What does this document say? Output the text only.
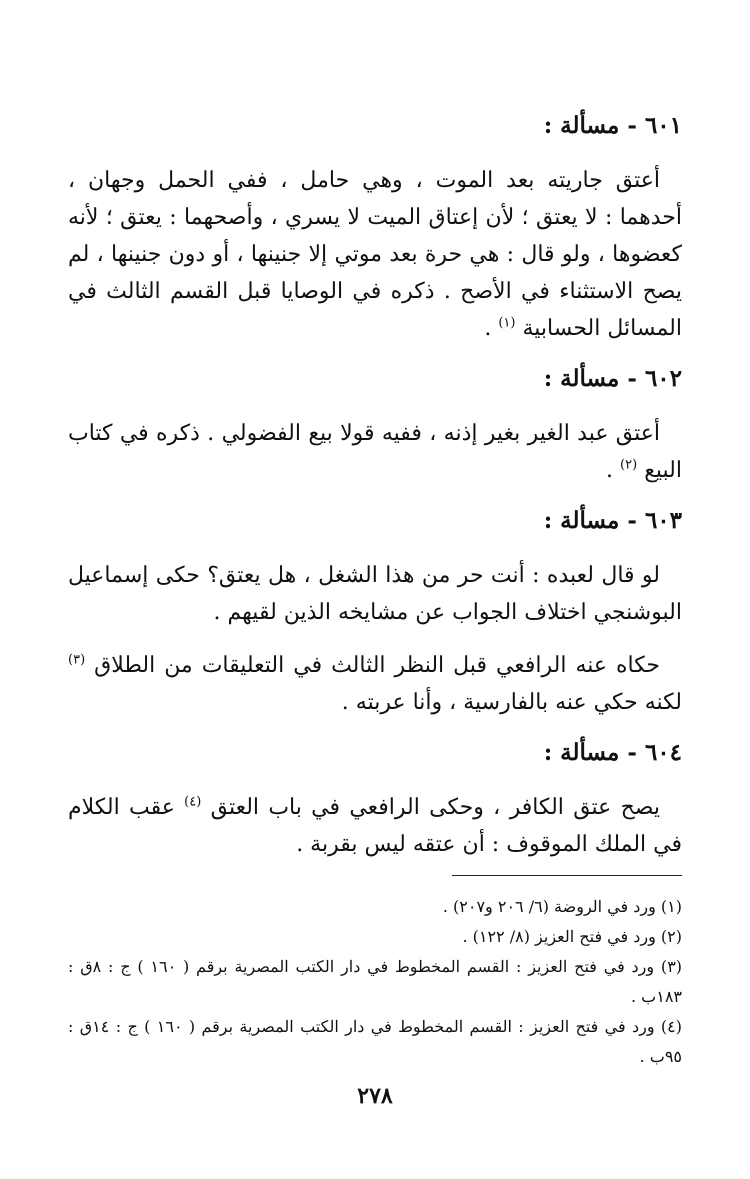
٦٠١ - مسألة :

أعتق جاريته بعد الموت ، وهي حامل ، ففي الحمل وجهان ، أحدهما : لا يعتق ؛ لأن إعتاق الميت لا يسري ، وأصحهما : يعتق ؛ لأنه كعضوها ، ولو قال : هي حرة بعد موتي إلا جنينها ، أو دون جنينها ، لم يصح الاستثناء في الأصح . ذكره في الوصايا قبل القسم الثالث في المسائل الحسابية $^{(١)}$ .

٦٠٢ - مسألة :

أعتق عبد الغير بغير إذنه ، ففيه قولا بيع الفضولي . ذكره في كتاب البيع $^{(٢)}$ .

٦٠٣ - مسألة :

لو قال لعبده : أنت حر من هذا الشغل ، هل يعتق؟ حكى إسماعيل البوشنجي اختلاف الجواب عن مشايخه الذين لقيهم .

حكاه عنه الرافعي قبل النظر الثالث في التعليقات من الطلاق $^{(٣)}$ لكنه حكي عنه بالفارسية ، وأنا عربته .

٦٠٤ - مسألة :

يصح عتق الكافر ، وحكى الرافعي في باب العتق $^{(٤)}$ عقب الكلام في الملك الموقوف : أن عتقه ليس بقربة .

(١) ورد في الروضة (٦/ ٢٠٦ و٢٠٧) .

(٢) ورد في فتح العزيز (٨/ ١٢٢) .

(٣) ورد في فتح العزيز : القسم المخطوط في دار الكتب المصرية برقم ( ١٦٠ ) ج : ٨ق : ١٨٣ب .

(٤) ورد في فتح العزيز : القسم المخطوط في دار الكتب المصرية برقم ( ١٦٠ ) ج : ١٤ق : ٩٥ب .

٢٧٨
